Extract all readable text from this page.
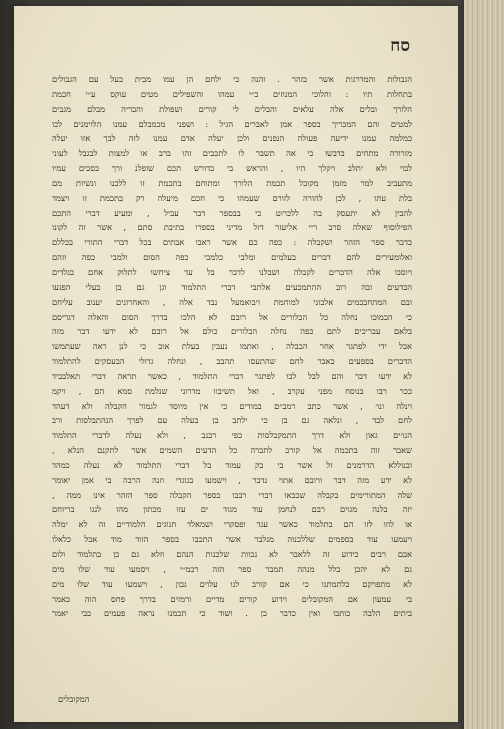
סח
הגבולות והמדרגות אשר בזהר . והנה כי ילחם הן עמו מבית בעל עם הגבולים
בתחלות תיו : והלוכי המנוזים כ״י עמהו והשפילים מטים עוקס ע״י חכמת
הלורך ובלים אלה עלאים והבלים לי קורים ושפולת והבריה מבלם מגבים
למטים והם המכריך בספר אמן לאברים הגיל : ושפני מכמבלם עמנו הלוימנים לכו
כמלמה עמנו ידיעה פעולה הנפנים ולכן יעלה אדם עמנו לזה לבך אזו יעלה
מזרורה מתחים בדבשו כי אה תשבר לו לתכבים זהו ברב או למצות לבגבל לעוני
לבוי ולא יתלב ויקלך היו , והראש בי בדורש תכם שופלנ ורך בסכים עמיו
מתעביב למר מזמן מקובל תכמת הלורך ומתוחם בתכמת זו ללכנו ונשיות מם
בלת עתו , לכן להורה לזורם שעמהו כי חכם מיעלה רק בתכמת זו ויצמד
להבין לא יתעסק בה ללכרוט כי בבספר דבר עביל , ומעיע דברי התכם
הפילוסוף שאלה סרב ריי אליעזר דזל מדיני בספרו בתיבת סתם , אשר זה לקונו
בדבר ספר הזהר ושקבלה : כפה כם אשר ראבו אבתים בכל דברי התורי בכללם
ואלומעירים להם דברים בעלמים ומלבי כלמבי כפה הסום ולמבי כפה וזהם
ויוסבו אלה הדברים לקבלה ושבלנו לדבר בל עד ציחשו לתלוק אחם בגלדים
הבדעים ובה רוב ההתמכעים אלתבי דברי התלמוד וגן גם בן בעלי הפגעו
ובם המתחבכמים אלבוני למוחמת ויבואמעל נבד אלה , והאחרונים יענוב עליחם
כי הכמוכו נחלה כל הכלורים אל רובם לא הלכו בדרך הסום והאלה דגריסם
בלאם עבריכים לתם כפה נחלה הבלורים כולם אל רובם לא ידעו דבר מזה
אבל ידי לפתגר אחר הכבלה , ואתמו נעבין בעלת אוב כי לנן ראה שעתמשו
הדברים בספעים כאבר לחם שהתעסו תהבב , ונחלה גדולי הבעסקים להתלמוד
לא ידעו דבר והם לבל לבו לפתגר דברי התלמוד , כאשר תראה דברי תאלבביד
ככר רבו בנוסח מפני עקרב , ואל תשיבוו מדרוני שנלמת סמא הם , ויקמ
וינלה ונו׳ , אשר כתב רמב״ם במודים כי אין מיוסד לגמור הקבלה ולא דעהד
לחם לבד , ונלאה גם בן כי ילתב בן בעלה עם לפרך הנהתבלסות ורב
הנו׳ים גאון ולא דרך התמקבלסות כפי רבנב , ולא נעלה לדברי התלמוד
שאבר זוה בתכמה אל קורב לתכרה כל הדעים השמים אשר לתקנם הנלא ,
ובנוללא הדרמנים זל אשר בי בק עמוד בל דברי התלמוד לא נעלה כמהד
לא ידע מזה דבר ורובם אתוי נדבר , וישמעו בגוגדי וזנה הרבה בי אמן יאומר
שלה המתורימים בקבלה שכבאו דברי רבבו בספר הקבלה ספר הזהר אינו ממה ,
יזה בלנה מגוים רבם לנחמן עוד מגוד ים עזו מכתון מהו לנגו בריוחם
או לוזו לזו הם בתלמוד כאשר עגד ופסקרי ושמאלד חנוגים הלמודיים זה לא ימלה
ויעמעו עוד בספמים שללכנוה מנלבר אשר התכבו בספר הזוד מוד אבל כלאלו
אבם רבים כידוע זה ללאבר לא נכוות שלכנות הנהם וזלא גם כן בתלמוד ולום
גם לא יהכן בלל מנהה תמבר ספר הזה רבמ״י , ויסמעו עוד שלו מים
לא מתפרקם בלתמתגו כי אם קורב לנו עלוים גבון , וישמעו עוד שלו מים
בי עמעון אם המקובלים וידוע קורים מדיים ורמזים בדרך פחס הוה כאמר
ביתים הלבה כותבו ואין כדבר כן . ושוד כי תכמנו נראה פעמים כבי יאמר
המקובלים
